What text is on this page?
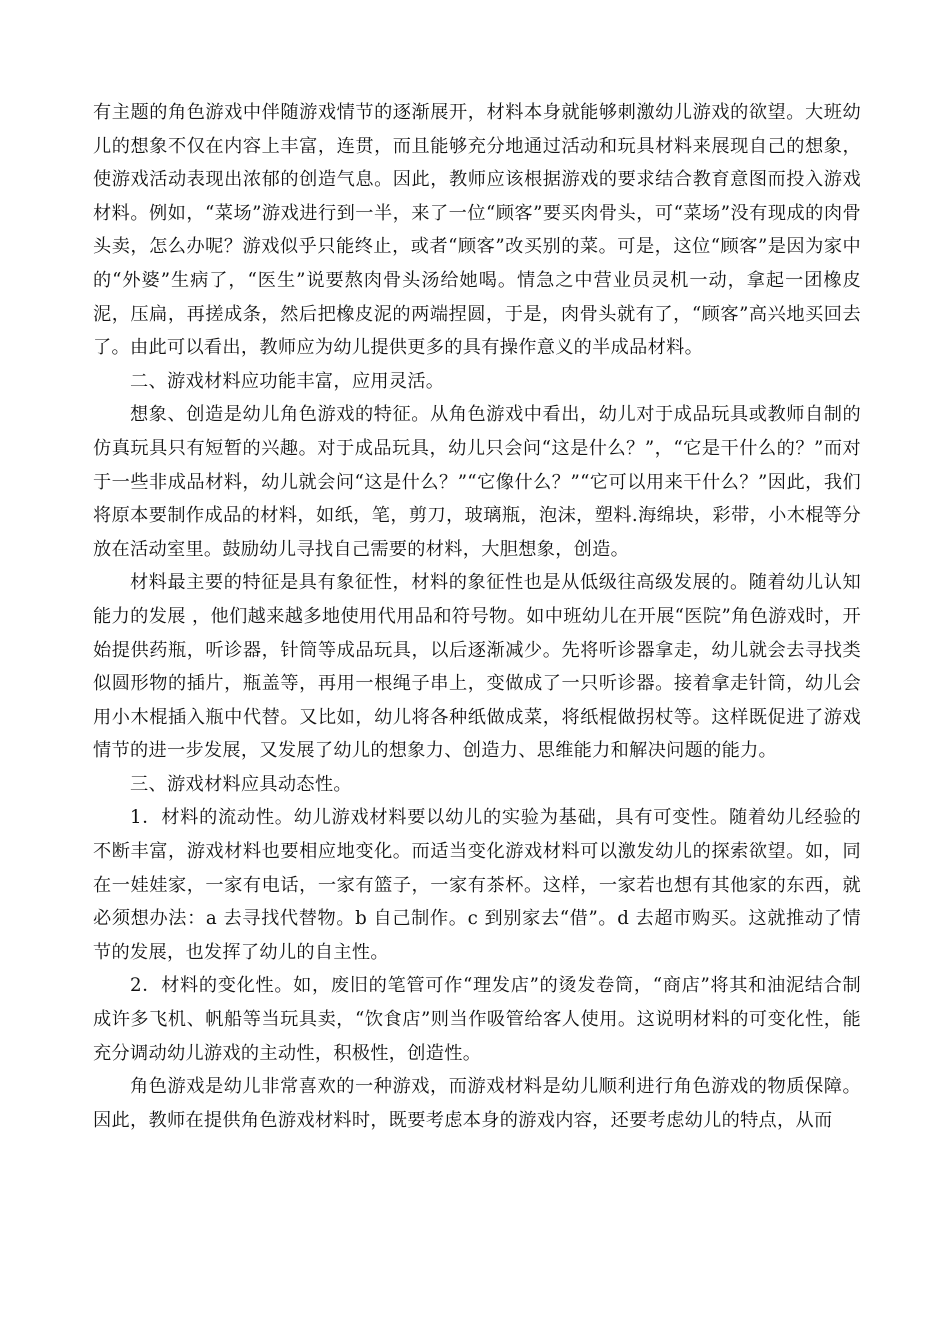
有主题的角色游戏中伴随游戏情节的逐渐展开，材料本身就能够刺激幼儿游戏的欲望。大班幼儿的想象不仅在内容上丰富，连贯，而且能够充分地通过活动和玩具材料来展现自己的想象，使游戏活动表现出浓郁的创造气息。因此，教师应该根据游戏的要求结合教育意图而投入游戏材料。例如，“菜场”游戏进行到一半，来了一位“顾客”要买肉骨头，可“菜场”没有现成的肉骨头卖，怎么办呢？游戏似乎只能终止，或者“顾客”改买别的菜。可是，这位“顾客”是因为家中的“外婆”生病了，“医生”说要熬肉骨头汤给她喝。情急之中营业员灵机一动，拿起一团橡皮泥，压扁，再搓成条，然后把橡皮泥的两端捏圆，于是，肉骨头就有了，“顾客”高兴地买回去了。由此可以看出，教师应为幼儿提供更多的具有操作意义的半成品材料。

二、游戏材料应功能丰富，应用灵活。

想象、创造是幼儿角色游戏的特征。从角色游戏中看出，幼儿对于成品玩具或教师自制的仿真玩具只有短暂的兴趣。对于成品玩具，幼儿只会问“这是什么？”，“它是干什么的？”而对于一些非成品材料，幼儿就会问“这是什么？”“它像什么？”“它可以用来干什么？”因此，我们将原本要制作成品的材料，如纸，笔，剪刀，玻璃瓶，泡沫，塑料.海绵块，彩带，小木棍等分放在活动室里。鼓励幼儿寻找自己需要的材料，大胆想象，创造。

材料最主要的特征是具有象征性，材料的象征性也是从低级往高级发展的。随着幼儿认知能力的发展 ，他们越来越多地使用代用品和符号物。如中班幼儿在开展“医院”角色游戏时，开始提供药瓶，听诊器，针筒等成品玩具，以后逐渐减少。先将听诊器拿走，幼儿就会去寻找类似圆形物的插片，瓶盖等，再用一根绳子串上，变做成了一只听诊器。接着拿走针筒，幼儿会用小木棍插入瓶中代替。又比如，幼儿将各种纸做成菜，将纸棍做拐杖等。这样既促进了游戏情节的进一步发展，又发展了幼儿的想象力、创造力、思维能力和解决问题的能力。

三、游戏材料应具动态性。

1．材料的流动性。幼儿游戏材料要以幼儿的实验为基础，具有可变性。随着幼儿经验的不断丰富，游戏材料也要相应地变化。而适当变化游戏材料可以激发幼儿的探索欲望。如，同在一娃娃家，一家有电话，一家有篮子，一家有茶杯。这样，一家若也想有其他家的东西，就必须想办法：a 去寻找代替物。b 自己制作。c 到别家去“借”。d 去超市购买。这就推动了情节的发展，也发挥了幼儿的自主性。

2．材料的变化性。如，废旧的笔管可作“理发店”的烫发卷筒，“商店”将其和油泥结合制成许多飞机、帆船等当玩具卖，“饮食店”则当作吸管给客人使用。这说明材料的可变化性，能充分调动幼儿游戏的主动性，积极性，创造性。

角色游戏是幼儿非常喜欢的一种游戏，而游戏材料是幼儿顺利进行角色游戏的物质保障。因此，教师在提供角色游戏材料时，既要考虑本身的游戏内容，还要考虑幼儿的特点，从而
